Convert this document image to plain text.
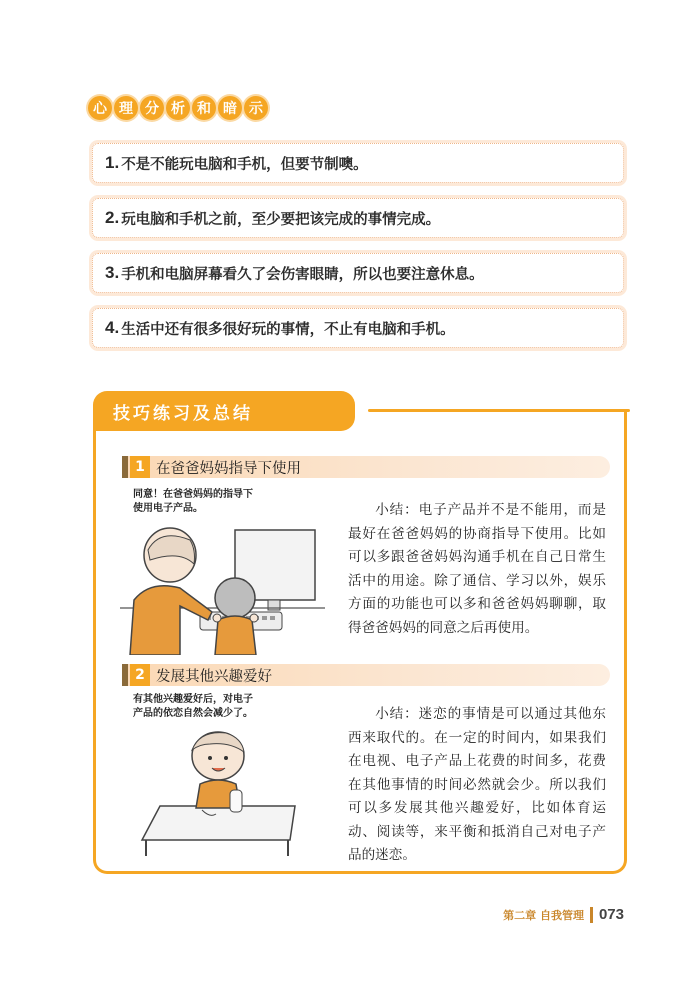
心 理 分 析 和 暗 示
1. 不是不能玩电脑和手机，但要节制噢。
2. 玩电脑和手机之前，至少要把该完成的事情完成。
3. 手机和电脑屏幕看久了会伤害眼睛，所以也要注意休息。
4. 生活中还有很多很好玩的事情，不止有电脑和手机。
技巧练习及总结
1 在爸爸妈妈指导下使用
同意！在爸爸妈妈的指导下
使用电子产品。	小结：电子产品并不是不能用，而是最好在爸爸妈妈的协商指导下使用。比如可以多跟爸爸妈妈沟通手机在自己日常生活中的用途。除了通信、学习以外，娱乐方面的功能也可以多和爸爸妈妈聊聊，取得爸爸妈妈的同意之后再使用。
2 发展其他兴趣爱好
有其他兴趣爱好后，对电子
产品的依恋自然会减少了。	小结：迷恋的事情是可以通过其他东西来取代的。在一定的时间内，如果我们在电视、电子产品上花费的时间多，花费在其他事情的时间必然就会少。所以我们可以多发展其他兴趣爱好，比如体育运动、阅读等，来平衡和抵消自己对电子产品的迷恋。
第二章 自我管理 073
